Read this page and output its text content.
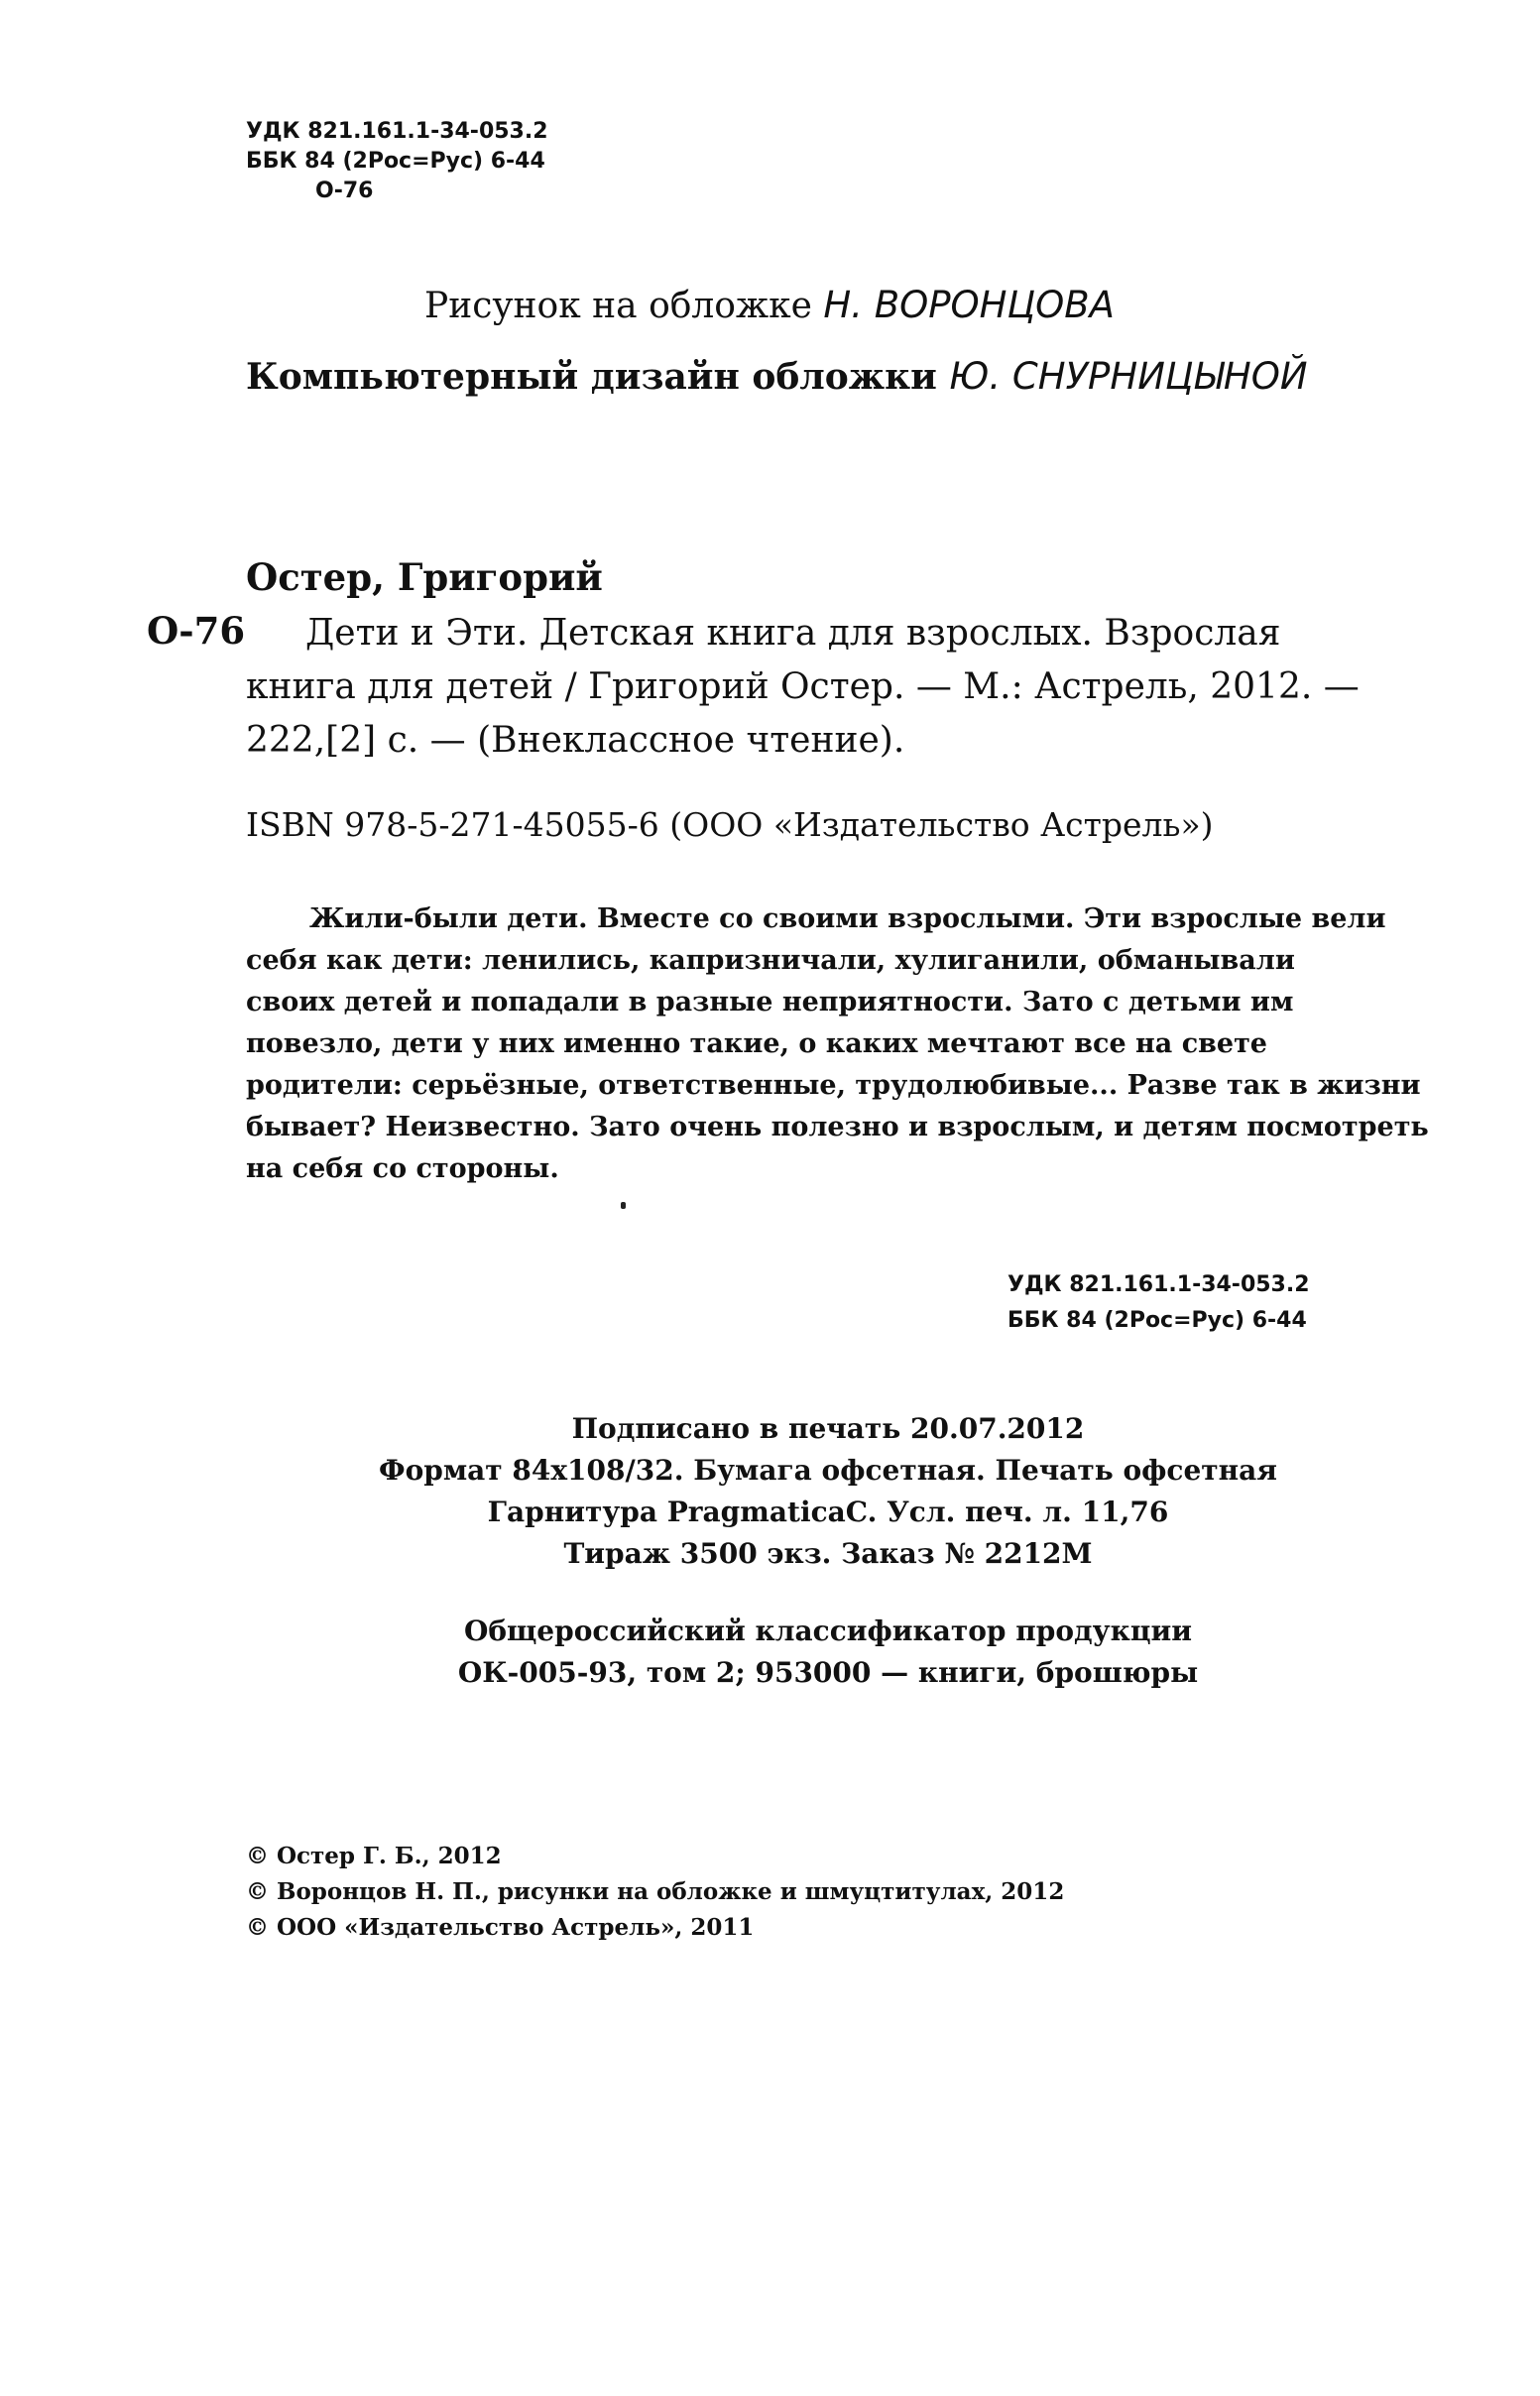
УДК 821.161.1-34-053.2
ББК 84 (2Рос=Рус) 6-44
О-76
Рисунок на обложке Н. ВОРОНЦОВА
Компьютерный дизайн обложки Ю. СНУРНИЦЫНОЙ
Остер, Григорий
О-76	Дети и Эти. Детская книга для взрослых. Взрослая
книга для детей / Григорий Остер. — М.: Астрель, 2012. —
222,[2] с. — (Внеклассное чтение).
ISBN 978-5-271-45055-6 (ООО «Издательство Астрель»)
Жили-были дети. Вместе со своими взрослыми. Эти взрослые вели
себя как дети: ленились, капризничали, хулиганили, обманывали
своих детей и попадали в разные неприятности. Зато с детьми им
повезло, дети у них именно такие, о каких мечтают все на свете
родители: серьёзные, ответственные, трудолюбивые... Разве так в жизни
бывает? Неизвестно. Зато очень полезно и взрослым, и детям посмотреть
на себя со стороны.
УДК 821.161.1-34-053.2
ББК 84 (2Рос=Рус) 6-44
Подписано в печать 20.07.2012
Формат 84х108/32. Бумага офсетная. Печать офсетная
Гарнитура PragmaticaC. Усл. печ. л. 11,76
Тираж 3500 экз. Заказ № 2212М
Общероссийский классификатор продукции
ОК-005-93, том 2; 953000 — книги, брошюры
© Остер Г. Б., 2012
© Воронцов Н. П., рисунки на обложке и шмуцтитулах, 2012
© ООО «Издательство Астрель», 2011
